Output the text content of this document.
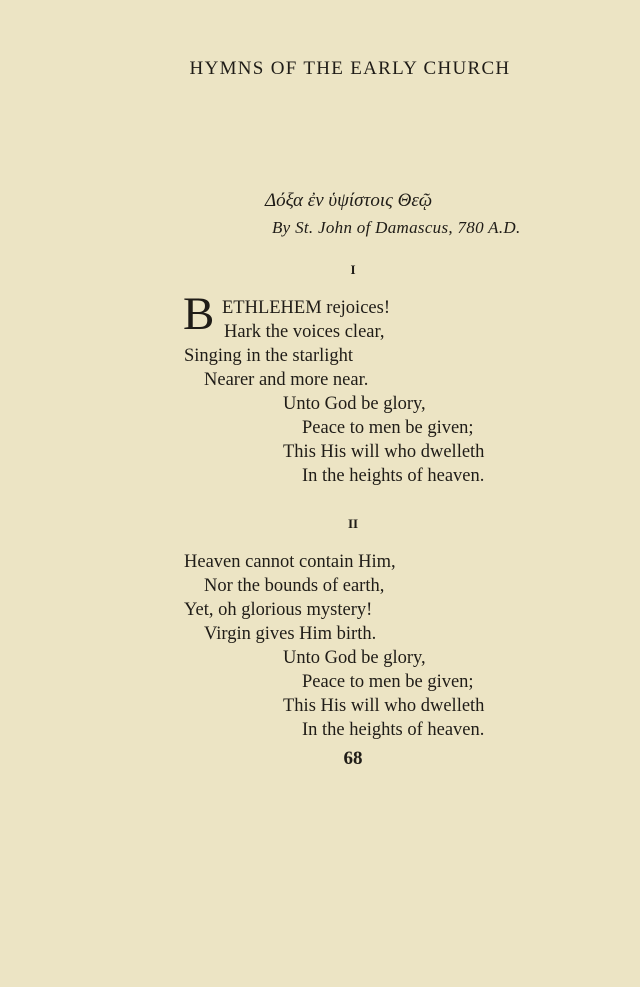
HYMNS OF THE EARLY CHURCH
Δόξα ἐν ὑψίστοις Θεῷ
By St. John of Damascus, 780 A.D.
I
B ETHLEHEM rejoices!
Hark the voices clear,
Singing in the starlight
Nearer and more near.
Unto God be glory,
Peace to men be given;
This His will who dwelleth
In the heights of heaven.
II
Heaven cannot contain Him,
Nor the bounds of earth,
Yet, oh glorious mystery!
Virgin gives Him birth.
Unto God be glory,
Peace to men be given;
This His will who dwelleth
In the heights of heaven.
68
